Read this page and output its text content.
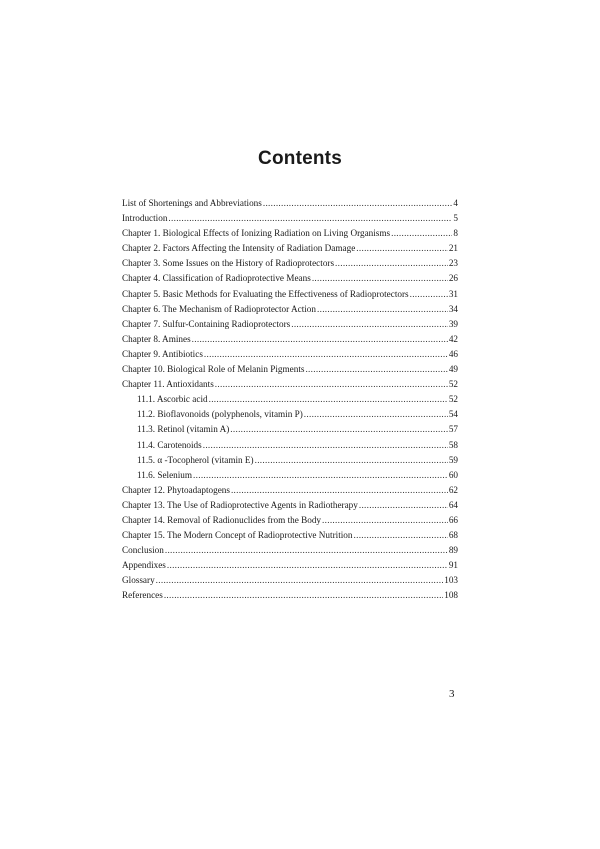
Contents
List of Shortenings and Abbreviations .....	4
Introduction .....	5
Chapter 1. Biological Effects of Ionizing Radiation on Living Organisms .....	8
Chapter 2. Factors Affecting the Intensity of Radiation Damage .....	21
Chapter 3. Some Issues on the History of Radioprotectors .....	23
Chapter 4. Classification of Radioprotective Means .....	26
Chapter 5. Basic Methods for Evaluating the Effectiveness of Radioprotectors .....	31
Chapter 6. The Mechanism of Radioprotector Action .....	34
Chapter 7. Sulfur-Containing Radioprotectors .....	39
Chapter 8. Amines .....	42
Chapter 9. Antibiotics .....	46
Chapter 10. Biological Role of Melanin Pigments .....	49
Chapter 11. Antioxidants .....	52
11.1. Ascorbic acid .....	52
11.2. Bioflavonoids (polyphenols, vitamin P) .....	54
11.3. Retinol (vitamin A) .....	57
11.4. Carotenoids .....	58
11.5. α -Tocopherol (vitamin E) .....	59
11.6. Selenium .....	60
Chapter 12. Phytoadaptogens .....	62
Chapter 13. The Use of Radioprotective Agents in Radiotherapy .....	64
Chapter 14. Removal of Radionuclides from the Body .....	66
Chapter 15. The Modern Concept of Radioprotective Nutrition .....	68
Conclusion .....	89
Appendixes .....	91
Glossary .....	103
References .....	108

3
